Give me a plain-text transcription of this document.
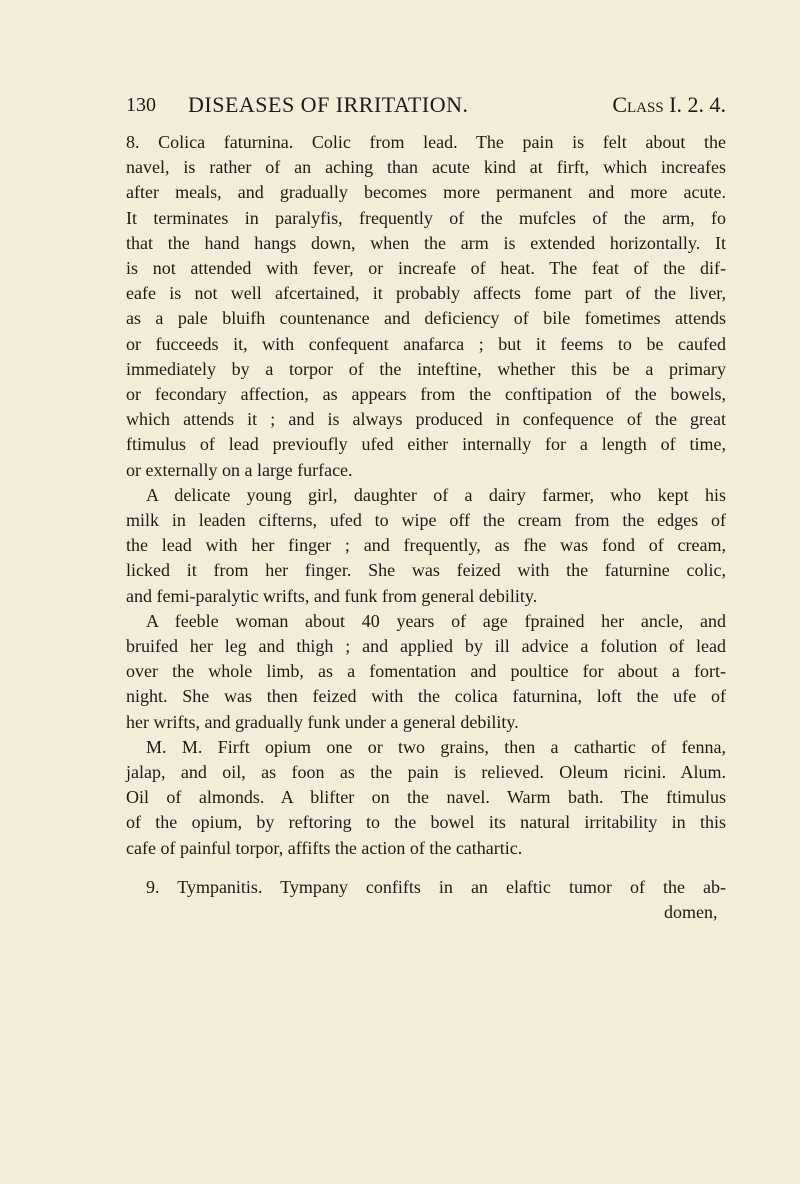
130 DISEASES OF IRRITATION.	Class I. 2. 4.
8. Colica faturnina. Colic from lead. The pain is felt about the
navel, is rather of an aching than acute kind at firft, which increafes
after meals, and gradually becomes more permanent and more acute.
It terminates in paralyfis, frequently of the mufcles of the arm, fo
that the hand hangs down, when the arm is extended horizontally. It
is not attended with fever, or increafe of heat. The feat of the dif-
eafe is not well afcertained, it probably affects fome part of the liver,
as a pale bluifh countenance and deficiency of bile fometimes attends
or fucceeds it, with confequent anafarca ; but it feems to be caufed
immediately by a torpor of the inteftine, whether this be a primary
or fecondary affection, as appears from the conftipation of the bowels,
which attends it ; and is always produced in confequence of the great
ftimulus of lead previoufly ufed either internally for a length of time,
or externally on a large furface.
A delicate young girl, daughter of a dairy farmer, who kept his
milk in leaden cifterns, ufed to wipe off the cream from the edges of
the lead with her finger ; and frequently, as fhe was fond of cream,
licked it from her finger. She was feized with the faturnine colic,
and femi-paralytic wrifts, and funk from general debility.
A feeble woman about 40 years of age fprained her ancle, and
bruifed her leg and thigh ; and applied by ill advice a folution of lead
over the whole limb, as a fomentation and poultice for about a fort-
night. She was then feized with the colica faturnina, loft the ufe of
her wrifts, and gradually funk under a general debility.
M. M. Firft opium one or two grains, then a cathartic of fenna,
jalap, and oil, as foon as the pain is relieved. Oleum ricini. Alum.
Oil of almonds. A blifter on the navel. Warm bath. The ftimulus
of the opium, by reftoring to the bowel its natural irritability in this
cafe of painful torpor, affifts the action of the cathartic.
9. Tympanitis. Tympany confifts in an elaftic tumor of the ab-
domen,
